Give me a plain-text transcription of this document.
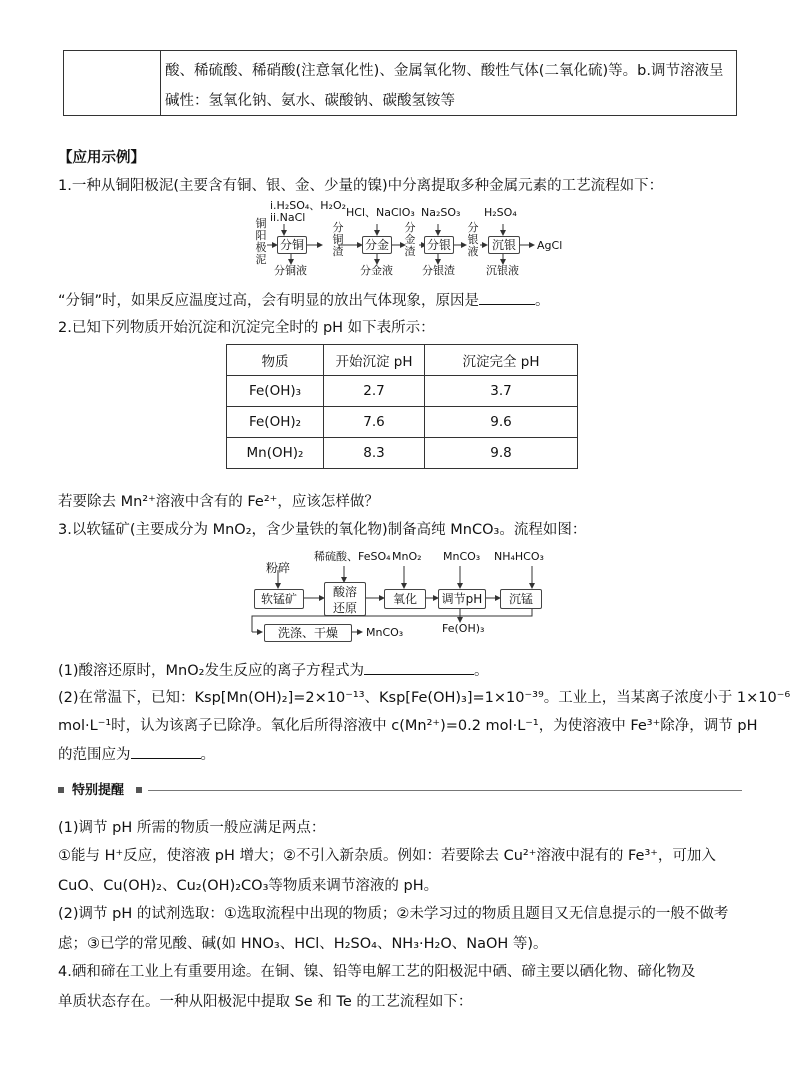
酸、稀硫酸、稀硝酸(注意氧化性)、金属氧化物、酸性气体(二氧化硫)等。b.调节溶液呈
碱性：氢氧化钠、氨水、碳酸钠、碳酸氢铵等
【应用示例】
1.一种从铜阳极泥(主要含有铜、银、金、少量的镍)中分离提取多种金属元素的工艺流程如下：
铜阳极泥
i.H₂SO₄、H₂O₂
ii.NaCl
分铜
分铜液
分铜渣
HCl、NaClO₃
分金
分金液
分金渣
Na₂SO₃
分银
分银渣
分银液
H₂SO₄
沉银
沉银液
AgCl
“分铜”时，如果反应温度过高，会有明显的放出气体现象，原因是	。
2.已知下列物质开始沉淀和沉淀完全时的 pH 如下表所示：
物质	开始沉淀 pH	沉淀完全 pH
Fe(OH)₃	2.7	3.7
Fe(OH)₂	7.6	9.6
Mn(OH)₂	8.3	9.8
若要除去 Mn²⁺溶液中含有的 Fe²⁺，应该怎样做？
3.以软锰矿(主要成分为 MnO₂，含少量铁的氧化物)制备高纯 MnCO₃。流程如图：
粉碎
软锰矿
稀硫酸、FeSO₄
酸溶
还原
MnO₂
氧化
MnCO₃
调节pH
Fe(OH)₃
NH₄HCO₃
沉锰
洗涤、干燥	MnCO₃
(1)酸溶还原时，MnO₂发生反应的离子方程式为	。
(2)在常温下，已知：Ksp[Mn(OH)₂]=2×10⁻¹³、Ksp[Fe(OH)₃]=1×10⁻³⁹。工业上，当某离子浓度小于 1×10⁻⁶
mol·L⁻¹时，认为该离子已除净。氧化后所得溶液中 c(Mn²⁺)=0.2 mol·L⁻¹，为使溶液中 Fe³⁺除净，调节 pH
的范围应为	。
特别提醒
(1)调节 pH 所需的物质一般应满足两点：
①能与 H⁺反应，使溶液 pH 增大；②不引入新杂质。例如：若要除去 Cu²⁺溶液中混有的 Fe³⁺，可加入
CuO、Cu(OH)₂、Cu₂(OH)₂CO₃等物质来调节溶液的 pH。
(2)调节 pH 的试剂选取：①选取流程中出现的物质；②未学习过的物质且题目又无信息提示的一般不做考
虑；③已学的常见酸、碱(如 HNO₃、HCl、H₂SO₄、NH₃·H₂O、NaOH 等)。
4.硒和碲在工业上有重要用途。在铜、镍、铅等电解工艺的阳极泥中硒、碲主要以硒化物、碲化物及
单质状态存在。一种从阳极泥中提取 Se 和 Te 的工艺流程如下：
